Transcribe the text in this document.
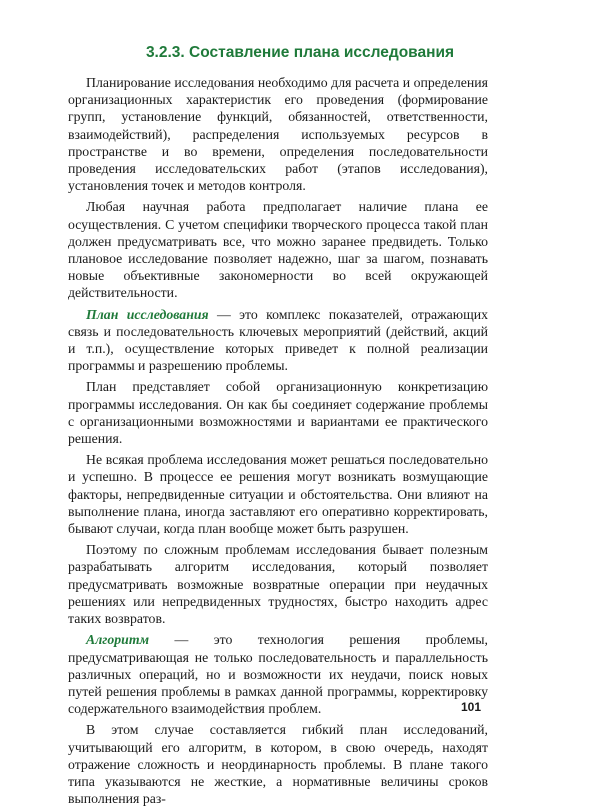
3.2.3. Составление плана исследования

Планирование исследования необходимо для расчета и определения организационных характеристик его проведения (формирование групп, установление функций, обязанностей, ответственности, взаимодействий), распределения используемых ресурсов в пространстве и во времени, определения последовательности проведения исследовательских работ (этапов исследования), установления точек и методов контроля.

Любая научная работа предполагает наличие плана ее осуществления. С учетом специфики творческого процесса такой план должен предусматривать все, что можно заранее предвидеть. Только плановое исследование позволяет надежно, шаг за шагом, познавать новые объективные закономерности во всей окружающей действительности.

План исследования — это комплекс показателей, отражающих связь и последовательность ключевых мероприятий (действий, акций и т.п.), осуществление которых приведет к полной реализации программы и разрешению проблемы.

План представляет собой организационную конкретизацию программы исследования. Он как бы соединяет содержание проблемы с организационными возможностями и вариантами ее практического решения.

Не всякая проблема исследования может решаться последовательно и успешно. В процессе ее решения могут возникать возмущающие факторы, непредвиденные ситуации и обстоятельства. Они влияют на выполнение плана, иногда заставляют его оперативно корректировать, бывают случаи, когда план вообще может быть разрушен.

Поэтому по сложным проблемам исследования бывает полезным разрабатывать алгоритм исследования, который позволяет предусматривать возможные возвратные операции при неудачных решениях или непредвиденных трудностях, быстро находить адрес таких возвратов.

Алгоритм — это технология решения проблемы, предусматривающая не только последовательность и параллельность различных операций, но и возможности их неудачи, поиск новых путей решения проблемы в рамках данной программы, корректировку содержательного взаимодействия проблем.

В этом случае составляется гибкий план исследований, учитывающий его алгоритм, в котором, в свою очередь, находят отражение сложность и неординарность проблемы. В плане такого типа указываются не жесткие, а нормативные величины сроков выполнения раз-

101
